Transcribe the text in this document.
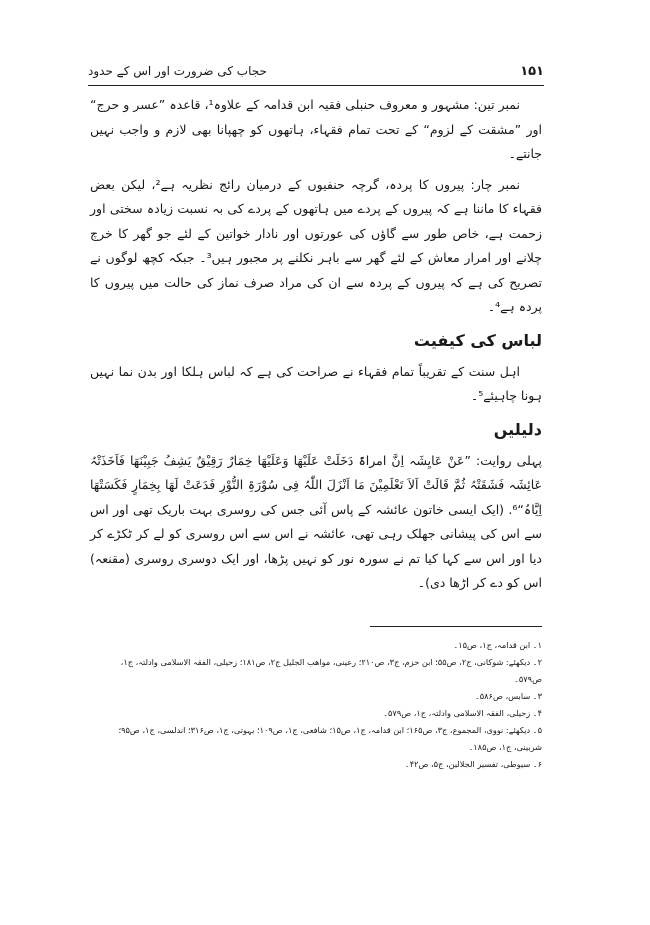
۱۵۱
حجاب کی ضرورت اور اس کے حدود

نمبر تین: مشہور و معروف حنبلی فقیہ ابن قدامہ کے علاوہ¹، قاعدہ ”عسر و حرج“ اور ”مشقت کے لزوم“ کے تحت تمام فقہاء، ہاتھوں کو چھپانا بھی لازم و واجب نہیں جانتے۔

نمبر چار: پیروں کا پردہ، گرچہ حنفیوں کے درمیان رائج نظریہ ہے²، لیکن بعض فقہاء کا ماننا ہے کہ پیروں کے پردے میں ہاتھوں کے پردے کی بہ نسبت زیادہ سختی اور زحمت ہے، خاص طور سے گاؤں کی عورتوں اور نادار خواتین کے لئے جو گھر کا خرچ چلانے اور امرار معاش کے لئے گھر سے باہر نکلنے پر مجبور ہیں³۔ جبکہ کچھ لوگوں نے تصریح کی ہے کہ پیروں کے پردہ سے ان کی مراد صرف نماز کی حالت میں پیروں کا پردہ ہے⁴۔

لباس کی کیفیت

اہل سنت کے تقریباً تمام فقہاء نے صراحت کی ہے کہ لباس ہلکا اور بدن نما نہیں ہونا چاہیئے⁵۔

دلیلیں

پہلی روایت: ”عَنْ عَایِشَہ اِنَّ امراۃً دَخَلَتْ عَلَیْھَا وَعَلَیْھَا خِمَارٌ رَقِیْقٌ یَشِفُ جَبِیْنَھَا فَاَخَذَتْہُ عَائِشَہ فَشَقَتْہُ ثُمَّ قَالَتْ اَلاَ تَعْلَمِیْنَ مَا اَنْزَلَ اللّٰہُ فِی سُوْرَۃِ النُّوْرِ فَدَعَتْ لَھَا بِخِمَارٍ فَکَسَتْھَا اِیَّاہُ“⁶. (ایک ایسی خاتون عائشہ کے پاس آئی جس کی روسری بہت باریک تھی اور اس سے اس کی پیشانی جھلک رہی تھی، عائشہ نے اس سے اس روسری کو لے کر ٹکڑے کر دیا اور اس سے کہا کیا تم نے سورہ نور کو نہیں پڑھا، اور ایک دوسری روسری (مقنعہ) اس کو دے کر اڑھا دی)۔

۱۔ ابن قدامہ، ج۱، ص۱۵۔

۲۔ دیکھئے: شوکانی، ج۲، ص۵۵؛ ابن حزم، ج۳، ص۲۱۰؛ رعینی، مواھب الجلیل ج۲، ص۱۸۱؛ زحیلی، الفقہ الاسلامی وادلتہ، ج۱، ص۵۷۹۔

۳۔ سابس، ص۵۸۶۔

۴۔ زحیلی، الفقہ الاسلامی وادلتہ، ج۱، ص۵۷۹۔

۵۔ دیکھئے: نووی، المجموع، ج۳، ص۱۶۵؛ ابن قدامہ، ج۱، ص۱۵؛ شافعی، ج۱، ص۱۰۹؛ بہوتی، ج۱، ص۳۱۶؛ اندلسی، ج۱، ص۹۵؛ شربینی، ج۱، ص۱۸۵۔

۶۔ سیوطی، تفسیر الجلالین، ج۵، ص۴۲۔
